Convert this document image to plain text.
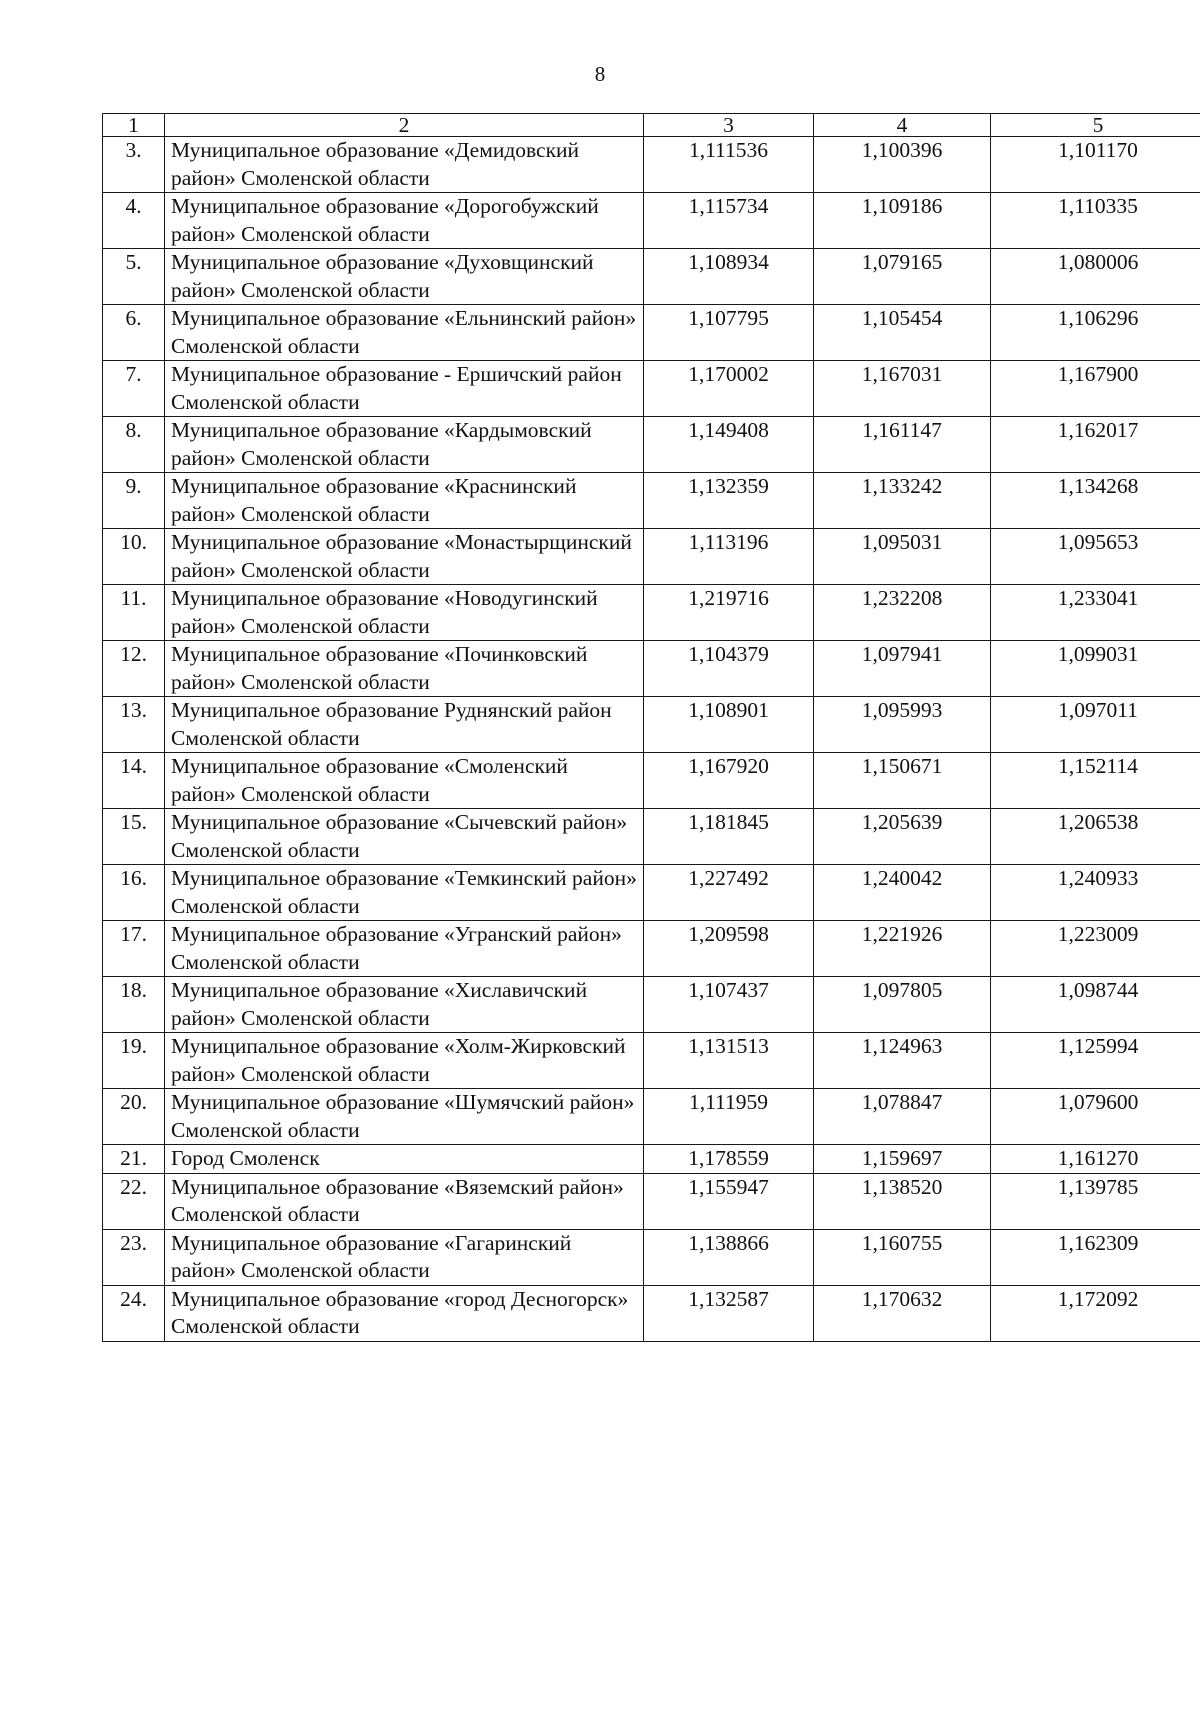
8
1	2	3	4	5
3.	Муниципальное образование «Демидовский район» Смоленской области	1,111536	1,100396	1,101170
4.	Муниципальное образование «Дорогобужский район» Смоленской области	1,115734	1,109186	1,110335
5.	Муниципальное образование «Духовщинский район» Смоленской области	1,108934	1,079165	1,080006
6.	Муниципальное образование «Ельнинский район» Смоленской области	1,107795	1,105454	1,106296
7.	Муниципальное образование - Ершичский район Смоленской области	1,170002	1,167031	1,167900
8.	Муниципальное образование «Кардымовский район» Смоленской области	1,149408	1,161147	1,162017
9.	Муниципальное образование «Краснинский район» Смоленской области	1,132359	1,133242	1,134268
10.	Муниципальное образование «Монастырщинский район» Смоленской области	1,113196	1,095031	1,095653
11.	Муниципальное образование «Новодугинский район» Смоленской области	1,219716	1,232208	1,233041
12.	Муниципальное образование «Починковский район» Смоленской области	1,104379	1,097941	1,099031
13.	Муниципальное образование Руднянский район Смоленской области	1,108901	1,095993	1,097011
14.	Муниципальное образование «Смоленский район» Смоленской области	1,167920	1,150671	1,152114
15.	Муниципальное образование «Сычевский район» Смоленской области	1,181845	1,205639	1,206538
16.	Муниципальное образование «Темкинский район» Смоленской области	1,227492	1,240042	1,240933
17.	Муниципальное образование «Угранский район» Смоленской области	1,209598	1,221926	1,223009
18.	Муниципальное образование «Хиславичский район» Смоленской области	1,107437	1,097805	1,098744
19.	Муниципальное образование «Холм-Жирковский район» Смоленской области	1,131513	1,124963	1,125994
20.	Муниципальное образование «Шумячский район» Смоленской области	1,111959	1,078847	1,079600
21.	Город Смоленск	1,178559	1,159697	1,161270
22.	Муниципальное образование «Вяземский район» Смоленской области	1,155947	1,138520	1,139785
23.	Муниципальное образование «Гагаринский район» Смоленской области	1,138866	1,160755	1,162309
24.	Муниципальное образование «город Десногорск» Смоленской области	1,132587	1,170632	1,172092
